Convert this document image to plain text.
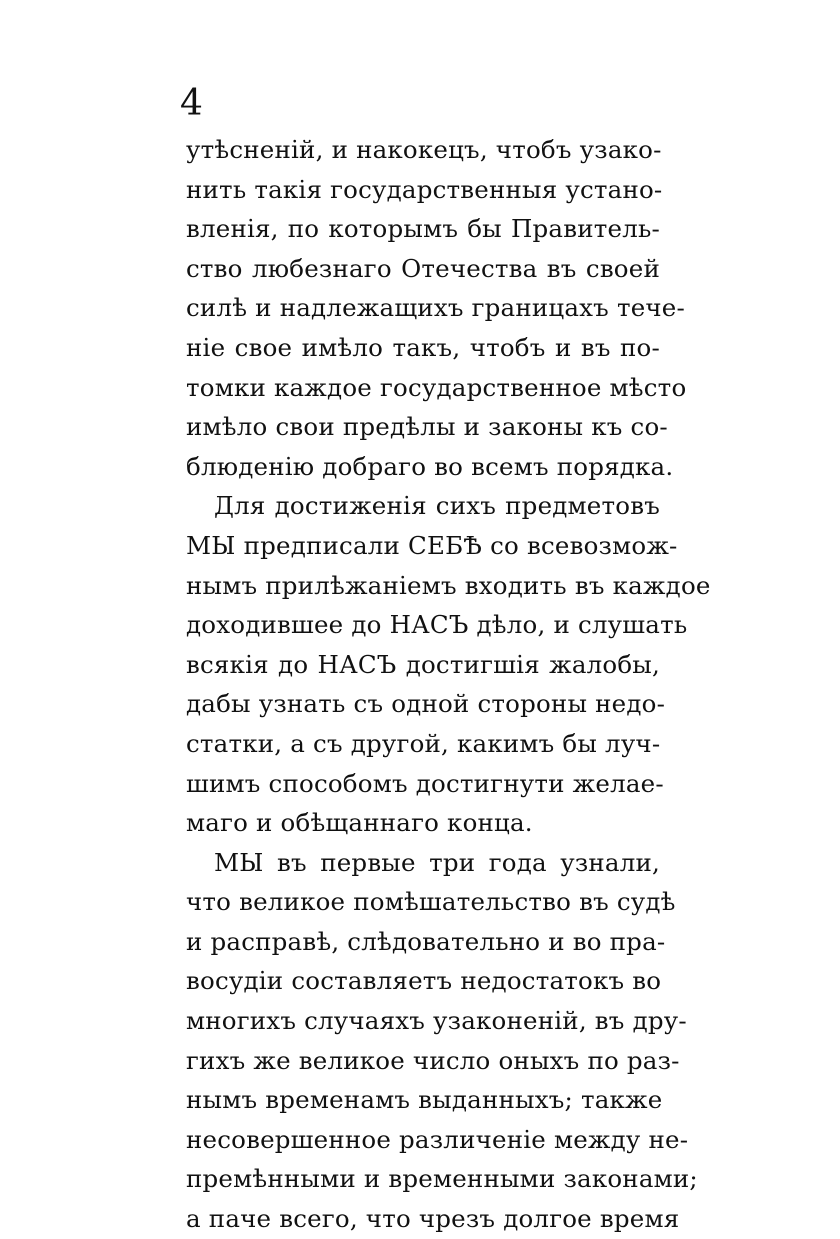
4
утѣсненій, и накокецъ, чтобъ узако-
нить такія государственныя устано-
вленія, по которымъ бы Правитель-
ство любезнаго Отечества въ своей
силѣ и надлежащихъ границахъ тече-
ніе свое имѣло такъ, чтобъ и въ по-
томки каждое государственное мѣсто
имѣло свои предѣлы и законы къ со-
блюденію добраго во всемъ порядка.
Для достиженія сихъ предметовъ
МЫ предписали СЕБѢ со всевозмож-
нымъ прилѣжаніемъ входить въ каждое
доходившее до НАСЪ дѣло, и слушать
всякія до НАСЪ достигшія жалобы,
дабы узнать съ одной стороны недо-
статки, а съ другой, какимъ бы луч-
шимъ способомъ достигнути желае-
маго и обѣщаннаго конца.
МЫ въ первые три года узнали,
что великое помѣшательство въ судѣ
и расправѣ, слѣдовательно и во пра-
восудіи составляетъ недостатокъ во
многихъ случаяхъ узаконеній, въ дру-
гихъ же великое число оныхъ по раз-
нымъ временамъ выданныхъ; также
несовершенное различеніе между не-
премѣнными и временными законами;
а паче всего, что чрезъ долгое время
